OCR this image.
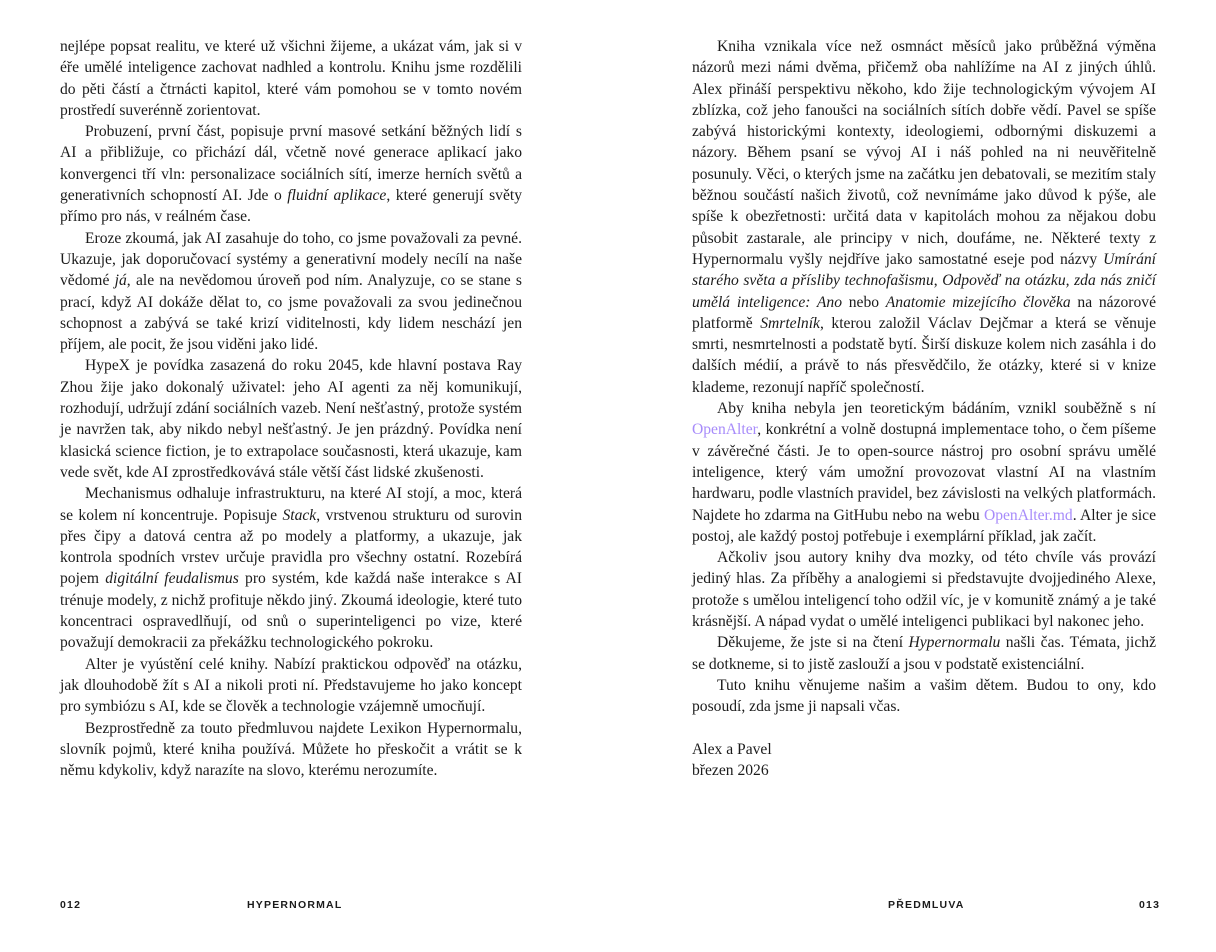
nejlépe popsat realitu, ve které už všichni žijeme, a ukázat vám, jak si v éře umělé inteligence zachovat nadhled a kontrolu. Knihu jsme rozdělili do pěti částí a čtrnácti kapitol, které vám pomohou se v tomto novém prostředí suverénně zorientovat.

Probuzení, první část, popisuje první masové setkání běžných lidí s AI a přibližuje, co přichází dál, včetně nové generace aplikací jako konvergenci tří vln: personalizace sociálních sítí, imerze herních světů a generativních schopností AI. Jde o fluidní aplikace, které generují světy přímo pro nás, v reálném čase.

Eroze zkoumá, jak AI zasahuje do toho, co jsme považovali za pevné. Ukazuje, jak doporučovací systémy a generativní modely necílí na naše vědomé já, ale na nevědomou úroveň pod ním. Analyzuje, co se stane s prací, když AI dokáže dělat to, co jsme považovali za svou jedinečnou schopnost a zabývá se také krizí viditelnosti, kdy lidem neschází jen příjem, ale pocit, že jsou viděni jako lidé.

HypeX je povídka zasazená do roku 2045, kde hlavní postava Ray Zhou žije jako dokonalý uživatel: jeho AI agenti za něj komunikují, rozhodují, udržují zdání sociálních vazeb. Není nešťastný, protože systém je navržen tak, aby nikdo nebyl nešťastný. Je jen prázdný. Povídka není klasická science fiction, je to extrapolace současnosti, která ukazuje, kam vede svět, kde AI zprostředkovává stále větší část lidské zkušenosti.

Mechanismus odhaluje infrastrukturu, na které AI stojí, a moc, která se kolem ní koncentruje. Popisuje Stack, vrstvenou strukturu od surovin přes čipy a datová centra až po modely a platformy, a ukazuje, jak kontrola spodních vrstev určuje pravidla pro všechny ostatní. Rozebírá pojem digitální feudalismus pro systém, kde každá naše interakce s AI trénuje modely, z nichž profituje někdo jiný. Zkoumá ideologie, které tuto koncentraci ospravedlňují, od snů o superinteligenci po vize, které považují demokracii za překážku technologického pokroku.

Alter je vyústění celé knihy. Nabízí praktickou odpověď na otázku, jak dlouhodobě žít s AI a nikoli proti ní. Představujeme ho jako koncept pro symbiózu s AI, kde se člověk a technologie vzájemně umocňují.

Bezprostředně za touto předmluvou najdete Lexikon Hypernormalu, slovník pojmů, které kniha používá. Můžete ho přeskočit a vrátit se k němu kdykoliv, když narazíte na slovo, kterému nerozumíte.

Kniha vznikala více než osmnáct měsíců jako průběžná výměna názorů mezi námi dvěma, přičemž oba nahlížíme na AI z jiných úhlů. Alex přináší perspektivu někoho, kdo žije technologickým vývojem AI zblízka, což jeho fanoušci na sociálních sítích dobře vědí. Pavel se spíše zabývá historickými kontexty, ideologiemi, odbornými diskuzemi a názory. Během psaní se vývoj AI i náš pohled na ni neuvěřitelně posunuly. Věci, o kterých jsme na začátku jen debatovali, se mezitím staly běžnou součástí našich životů, což nevnímáme jako důvod k pýše, ale spíše k obezřetnosti: určitá data v kapitolách mohou za nějakou dobu působit zastarale, ale principy v nich, doufáme, ne. Některé texty z Hypernormalu vyšly nejdříve jako samostatné eseje pod názvy Umírání starého světa a přísliby technofašismu, Odpověď na otázku, zda nás zničí umělá inteligence: Ano nebo Anatomie mizejícího člověka na názorové platformě Smrtelník, kterou založil Václav Dejčmar a která se věnuje smrti, nesmrtelnosti a podstatě bytí. Širší diskuze kolem nich zasáhla i do dalších médií, a právě to nás přesvědčilo, že otázky, které si v knize klademe, rezonují napříč společností.

Aby kniha nebyla jen teoretickým bádáním, vznikl souběžně s ní OpenAlter, konkrétní a volně dostupná implementace toho, o čem píšeme v závěrečné části. Je to open-source nástroj pro osobní správu umělé inteligence, který vám umožní provozovat vlastní AI na vlastním hardwaru, podle vlastních pravidel, bez závislosti na velkých platformách. Najdete ho zdarma na GitHubu nebo na webu OpenAlter.md. Alter je sice postoj, ale každý postoj potřebuje i exemplární příklad, jak začít.

Ačkoliv jsou autory knihy dva mozky, od této chvíle vás provází jediný hlas. Za příběhy a analogiemi si představujte dvojjediného Alexe, protože s umělou inteligencí toho odžil víc, je v komunitě známý a je také krásnější. A nápad vydat o umělé inteligenci publikaci byl nakonec jeho.

Děkujeme, že jste si na čtení Hypernormalu našli čas. Témata, jichž se dotkneme, si to jistě zaslouží a jsou v podstatě existenciální.

Tuto knihu věnujeme našim a vašim dětem. Budou to ony, kdo posoudí, zda jsme ji napsali včas.

Alex a Pavel

březen 2026

012	HYPERNORMAL	PŘEDMLUVA	013
